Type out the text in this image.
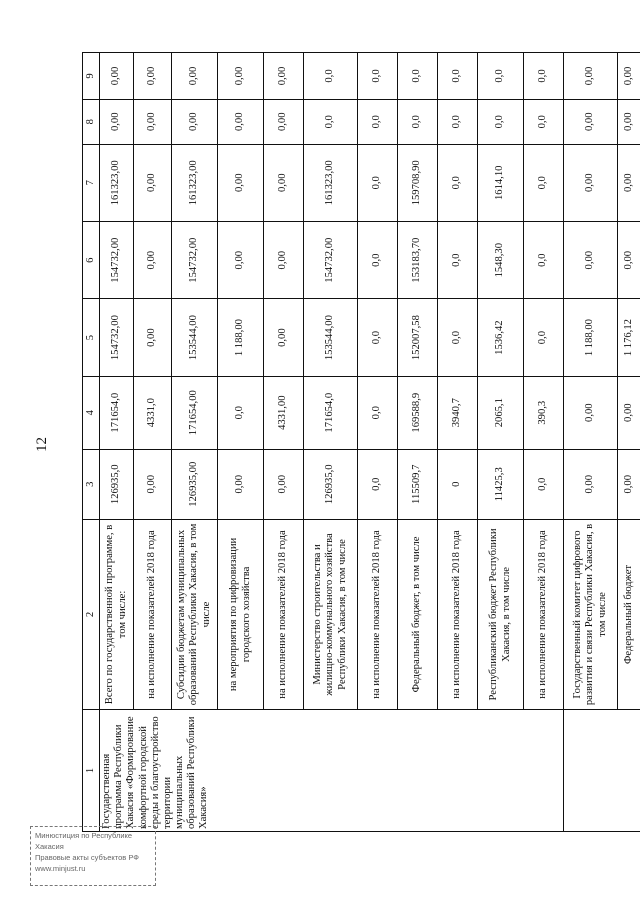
12
1	2	3	4	5	6	7	8	9
Государственная программа Республики Хакасия «Формирование комфортной городской среды и благоустройство территории муниципальных образований Республики Хакасия»	Всего по государственной программе, в том числе:	126935,0	171654,0	154732,00	154732,00	161323,00	0,00	0,00
	на исполнение показателей 2018 года	0,00	4331,0	0,00	0,00	0,00	0,00	0,00
	Субсидии бюджетам муниципальных образований Республики Хакасия, в том числе	126935,00	171654,00	153544,00	154732,00	161323,00	0,00	0,00
	на мероприятия по цифровизации городского хозяйства	0,00	0,0	1 188,00	0,00	0,00	0,00	0,00
	на исполнение показателей 2018 года	0,00	4331,00	0,00	0,00	0,00	0,00	0,00
	Министерство строительства и жилищно-коммунального хозяйства Республики Хакасия, в том числе	126935,0	171654,0	153544,00	154732,00	161323,00	0,0	0,0
	на исполнение показателей 2018 года	0,0	0,0	0,0	0,0	0,0	0,0	0,0
	Федеральный бюджет, в том числе	115509,7	169588,9	152007,58	153183,70	159708,90	0,0	0,0
	на исполнение показателей 2018 года	0	3940,7	0,0	0,0	0,0	0,0	0,0
	Республиканский бюджет Республики Хакасия, в том числе	11425,3	2065,1	1536,42	1548,30	1614,10	0,0	0,0
	на исполнение показателей 2018 года	0,0	390,3	0,0	0,0	0,0	0,0	0,0
	Государственный комитет цифрового развития и связи Республики Хакасия, в том числе	0,00	0,00	1 188,00	0,00	0,00	0,00	0,00
	Федеральный бюджет	0,00	0,00	1 176,12	0,00	0,00	0,00	0,00
Минюстиция по Республике Хакасия
Правовые акты субъектов РФ
www.minjust.ru
